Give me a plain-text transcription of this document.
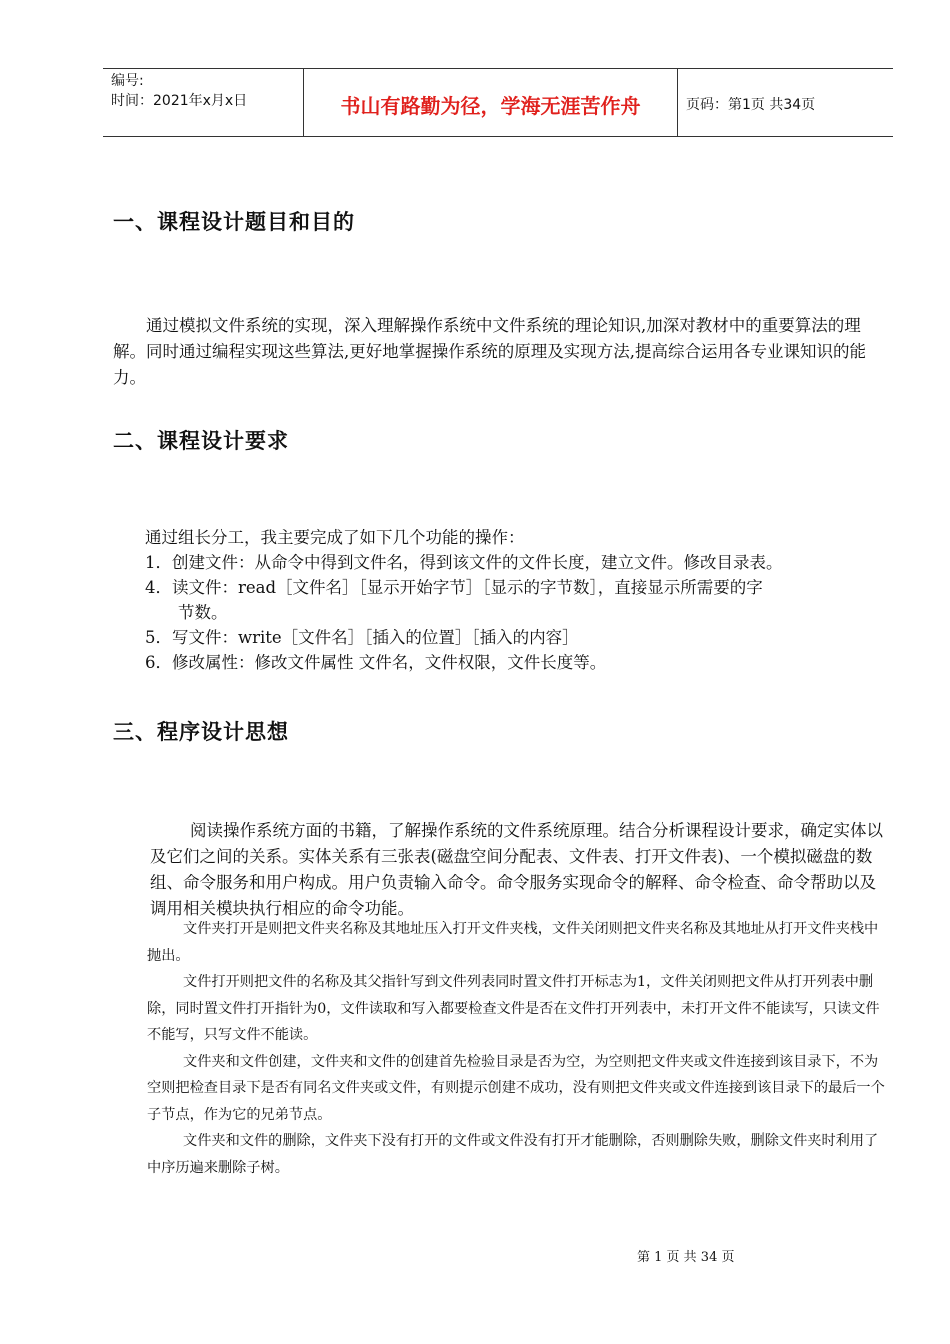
编号:
时间：2021年x月x日	书山有路勤为径，学海无涯苦作舟	页码：第1页 共34页
一、课程设计题目和目的

通过模拟文件系统的实现，深入理解操作系统中文件系统的理论知识,加深对教材中的重要算法的理解。同时通过编程实现这些算法,更好地掌握操作系统的原理及实现方法,提高综合运用各专业课知识的能力。

二、课程设计要求

通过组长分工，我主要完成了如下几个功能的操作：

1．创建文件：从命令中得到文件名，得到该文件的文件长度，建立文件。修改目录表。

4．读文件：read［文件名］［显示开始字节］［显示的字节数］，直接显示所需要的字

节数。

5．写文件：write［文件名］［插入的位置］［插入的内容］

6．修改属性：修改文件属性 文件名，文件权限，文件长度等。

三、程序设计思想

阅读操作系统方面的书籍，了解操作系统的文件系统原理。结合分析课程设计要求，确定实体以及它们之间的关系。实体关系有三张表(磁盘空间分配表、文件表、打开文件表)、一个模拟磁盘的数组、命令服务和用户构成。用户负责输入命令。命令服务实现命令的解释、命令检查、命令帮助以及调用相关模块执行相应的命令功能。

文件夹打开是则把文件夹名称及其地址压入打开文件夹栈，文件关闭则把文件夹名称及其地址从打开文件夹栈中抛出。

文件打开则把文件的名称及其父指针写到文件列表同时置文件打开标志为1，文件关闭则把文件从打开列表中删除，同时置文件打开指针为0，文件读取和写入都要检查文件是否在文件打开列表中，未打开文件不能读写，只读文件不能写，只写文件不能读。

文件夹和文件创建，文件夹和文件的创建首先检验目录是否为空，为空则把文件夹或文件连接到该目录下，不为空则把检查目录下是否有同名文件夹或文件，有则提示创建不成功，没有则把文件夹或文件连接到该目录下的最后一个子节点，作为它的兄弟节点。

文件夹和文件的删除，文件夹下没有打开的文件或文件没有打开才能删除，否则删除失败，删除文件夹时利用了中序历遍来删除子树。

第 1 页 共 34 页
